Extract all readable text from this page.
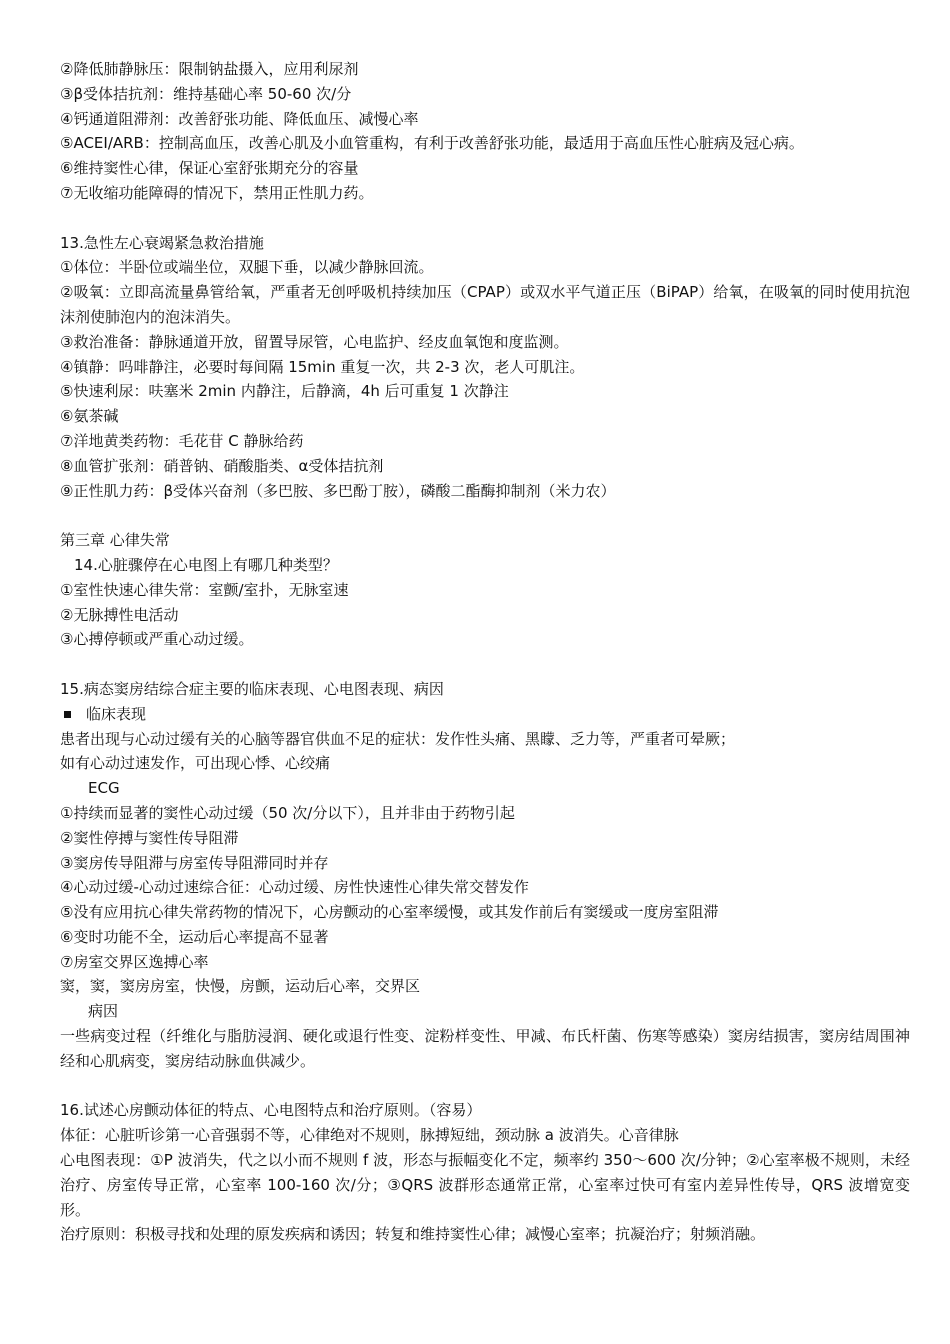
②降低肺静脉压：限制钠盐摄入，应用利尿剂

③β受体拮抗剂：维持基础心率 50-60 次/分

④钙通道阻滞剂：改善舒张功能、降低血压、减慢心率

⑤ACEI/ARB：控制高血压，改善心肌及小血管重构，有利于改善舒张功能，最适用于高血压性心脏病及冠心病。

⑥维持窦性心律，保证心室舒张期充分的容量

⑦无收缩功能障碍的情况下，禁用正性肌力药。

13.急性左心衰竭紧急救治措施

①体位：半卧位或端坐位，双腿下垂，以减少静脉回流。

②吸氧：立即高流量鼻管给氧，严重者无创呼吸机持续加压（CPAP）或双水平气道正压（BiPAP）给氧，在吸氧的同时使用抗泡沫剂使肺泡内的泡沫消失。

③救治准备：静脉通道开放，留置导尿管，心电监护、经皮血氧饱和度监测。

④镇静：吗啡静注，必要时每间隔 15min 重复一次，共 2-3 次，老人可肌注。

⑤快速利尿：呋塞米 2min 内静注，后静滴，4h 后可重复 1 次静注

⑥氨茶碱

⑦洋地黄类药物：毛花苷 C 静脉给药

⑧血管扩张剂：硝普钠、硝酸脂类、α受体拮抗剂

⑨正性肌力药：β受体兴奋剂（多巴胺、多巴酚丁胺），磷酸二酯酶抑制剂（米力农）

第三章 心律失常

14.心脏骤停在心电图上有哪几种类型？

①室性快速心律失常：室颤/室扑，无脉室速

②无脉搏性电活动

③心搏停顿或严重心动过缓。

15.病态窦房结综合症主要的临床表现、心电图表现、病因

临床表现

患者出现与心动过缓有关的心脑等器官供血不足的症状：发作性头痛、黑矇、乏力等，严重者可晕厥；

如有心动过速发作，可出现心悸、心绞痛

ECG

①持续而显著的窦性心动过缓（50 次/分以下），且并非由于药物引起

②窦性停搏与窦性传导阻滞

③窦房传导阻滞与房室传导阻滞同时并存

④心动过缓-心动过速综合征：心动过缓、房性快速性心律失常交替发作

⑤没有应用抗心律失常药物的情况下，心房颤动的心室率缓慢，或其发作前后有窦缓或一度房室阻滞

⑥变时功能不全，运动后心率提高不显著

⑦房室交界区逸搏心率

窦，窦，窦房房室，快慢，房颤，运动后心率，交界区

病因

一些病变过程（纤维化与脂肪浸润、硬化或退行性变、淀粉样变性、甲减、布氏杆菌、伤寒等感染）窦房结损害，窦房结周围神经和心肌病变，窦房结动脉血供减少。

16.试述心房颤动体征的特点、心电图特点和治疗原则。（容易）

体征：心脏听诊第一心音强弱不等，心律绝对不规则，脉搏短绌，颈动脉 a 波消失。心音律脉

心电图表现：①P 波消失，代之以小而不规则 f 波，形态与振幅变化不定，频率约 350～600 次/分钟；②心室率极不规则，未经治疗、房室传导正常，心室率 100-160 次/分；③QRS 波群形态通常正常，心室率过快可有室内差异性传导，QRS 波增宽变形。

治疗原则：积极寻找和处理的原发疾病和诱因；转复和维持窦性心律；减慢心室率；抗凝治疗；射频消融。
